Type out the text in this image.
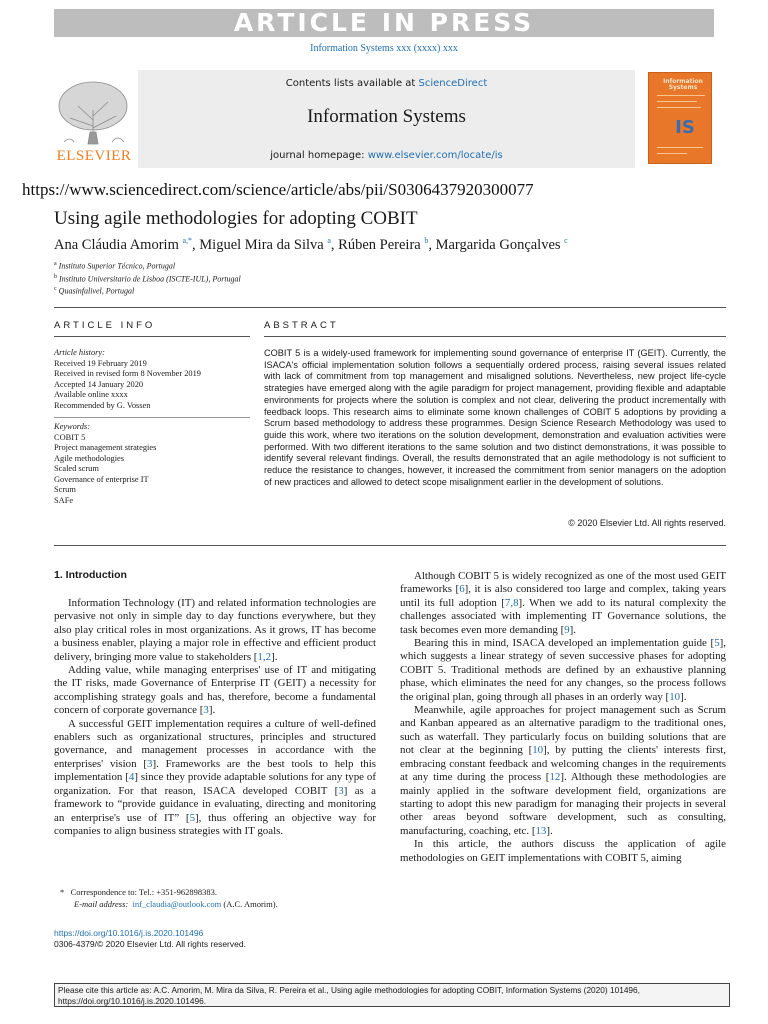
ARTICLE IN PRESS
Information Systems xxx (xxxx) xxx
ELSEVIER
Contents lists available at ScienceDirect
Information Systems
journal homepage: www.elsevier.com/locate/is
Information
Systems
IS
https://www.sciencedirect.com/science/article/abs/pii/S0306437920300077
Using agile methodologies for adopting COBIT
Ana Cláudia Amorim $^{a,*}$, Miguel Mira da Silva $^a$, Rúben Pereira $^b$, Margarida Gonçalves $^c$
$^a$ Instituto Superior Técnico, Portugal
$^b$ Instituto Universitario de Lisboa (ISCTE-IUL), Portugal
$^c$ Quasinfalivel, Portugal
ARTICLE INFO	ABSTRACT
Article history:
Received 19 February 2019
Received in revised form 8 November 2019
Accepted 14 January 2020
Available online xxxx
Recommended by G. Vossen
Keywords:
COBIT 5
Project management strategies
Agile methodologies
Scaled scrum
Governance of enterprise IT
Scrum
SAFe
COBIT 5 is a widely-used framework for implementing sound governance of enterprise IT (GEIT). Currently, the ISACA's official implementation solution follows a sequentially ordered process, raising several issues related with lack of commitment from top management and misaligned solutions. Nevertheless, new project life-cycle strategies have emerged along with the agile paradigm for project management, providing flexible and adaptable environments for projects where the solution is complex and not clear, delivering the product incrementally with feedback loops. This research aims to eliminate some known challenges of COBIT 5 adoptions by providing a Scrum based methodology to address these programmes. Design Science Research Methodology was used to guide this work, where two iterations on the solution development, demonstration and evaluation activities were performed. With two different iterations to the same solution and two distinct demonstrations, it was possible to identify several relevant findings. Overall, the results demonstrated that an agile methodology is not sufficient to reduce the resistance to changes, however, it increased the commitment from senior managers on the adoption of new practices and allowed to detect scope misalignment earlier in the development of solutions.
© 2020 Elsevier Ltd. All rights reserved.
1. Introduction

Information Technology (IT) and related information technologies are pervasive not only in simple day to day functions everywhere, but they also play critical roles in most organizations. As it grows, IT has become a business enabler, playing a major role in effective and efficient product delivery, bringing more value to stakeholders [1,2].

Adding value, while managing enterprises' use of IT and mitigating the IT risks, made Governance of Enterprise IT (GEIT) a necessity for accomplishing strategy goals and has, therefore, become a fundamental concern of corporate governance [3].

A successful GEIT implementation requires a culture of well-defined enablers such as organizational structures, principles and structured governance, and management processes in accordance with the enterprises' vision [3]. Frameworks are the best tools to help this implementation [4] since they provide adaptable solutions for any type of organization. For that reason, ISACA developed COBIT [3] as a framework to “provide guidance in evaluating, directing and monitoring an enterprise's use of IT” [5], thus offering an objective way for companies to align business strategies with IT goals.

Although COBIT 5 is widely recognized as one of the most used GEIT frameworks [6], it is also considered too large and complex, taking years until its full adoption [7,8]. When we add to its natural complexity the challenges associated with implementing IT Governance solutions, the task becomes even more demanding [9].

Bearing this in mind, ISACA developed an implementation guide [5], which suggests a linear strategy of seven successive phases for adopting COBIT 5. Traditional methods are defined by an exhaustive planning phase, which eliminates the need for any changes, so the process follows the original plan, going through all phases in an orderly way [10].

Meanwhile, agile approaches for project management such as Scrum and Kanban appeared as an alternative paradigm to the traditional ones, such as waterfall. They particularly focus on building solutions that are not clear at the beginning [10], by putting the clients' interests first, embracing constant feedback and welcoming changes in the requirements at any time during the process [12]. Although these methodologies are mainly applied in the software development field, organizations are starting to adopt this new paradigm for managing their projects in several other areas beyond software development, such as consulting, manufacturing, coaching, etc. [13].

In this article, the authors discuss the application of agile methodologies on GEIT implementations with COBIT 5, aiming

* Correspondence to: Tel.: +351-962898383.
E-mail address: inf_claudia@outlook.com (A.C. Amorim).
https://doi.org/10.1016/j.is.2020.101496
0306-4379/© 2020 Elsevier Ltd. All rights reserved.
Please cite this article as: A.C. Amorim, M. Mira da Silva, R. Pereira et al., Using agile methodologies for adopting COBIT, Information Systems (2020) 101496, https://doi.org/10.1016/j.is.2020.101496.
